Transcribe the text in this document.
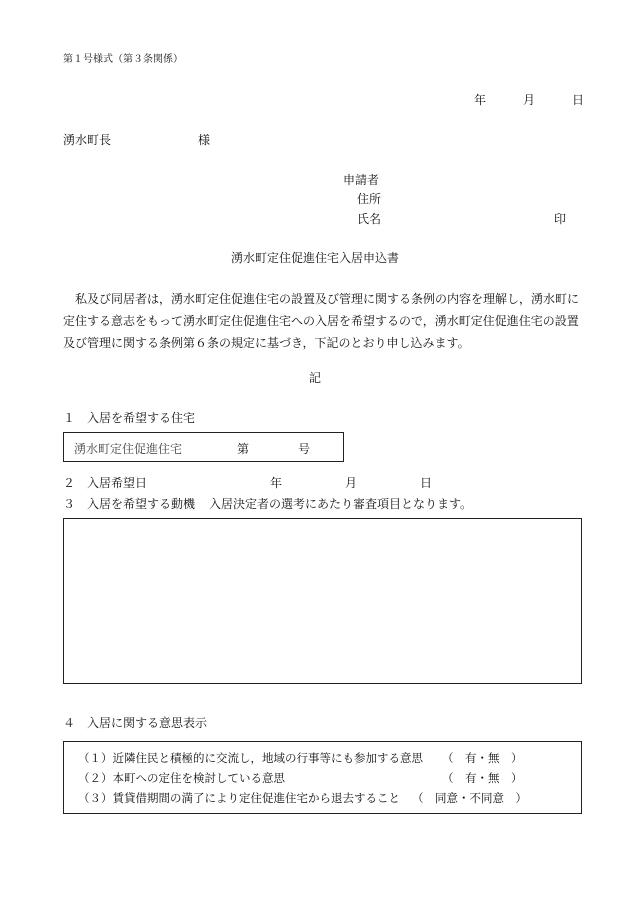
第１号様式（第３条関係）
年	月	日
湧水町長	様
申請者
住所
氏名	印
湧水町定住促進住宅入居申込書
私及び同居者は，湧水町定住促進住宅の設置及び管理に関する条例の内容を理解し，湧水町に定住する意志をもって湧水町定住促進住宅への入居を希望するので，湧水町定住促進住宅の設置及び管理に関する条例第６条の規定に基づき，下記のとおり申し込みます。
記
１　入居を希望する住宅
湧水町定住促進住宅	第	号
２　入居希望日	年	月	日
３　入居を希望する動機 入居決定者の選考にあたり審査項目となります。
４　入居に関する意思表示
（１）近隣住民と積極的に交流し，地域の行事等にも参加する意思 （　有・無　）
（２）本町への定住を検討している意思	（　有・無　）
（３）賃貸借期間の満了により定住促進住宅から退去すること （　同意・不同意　）
